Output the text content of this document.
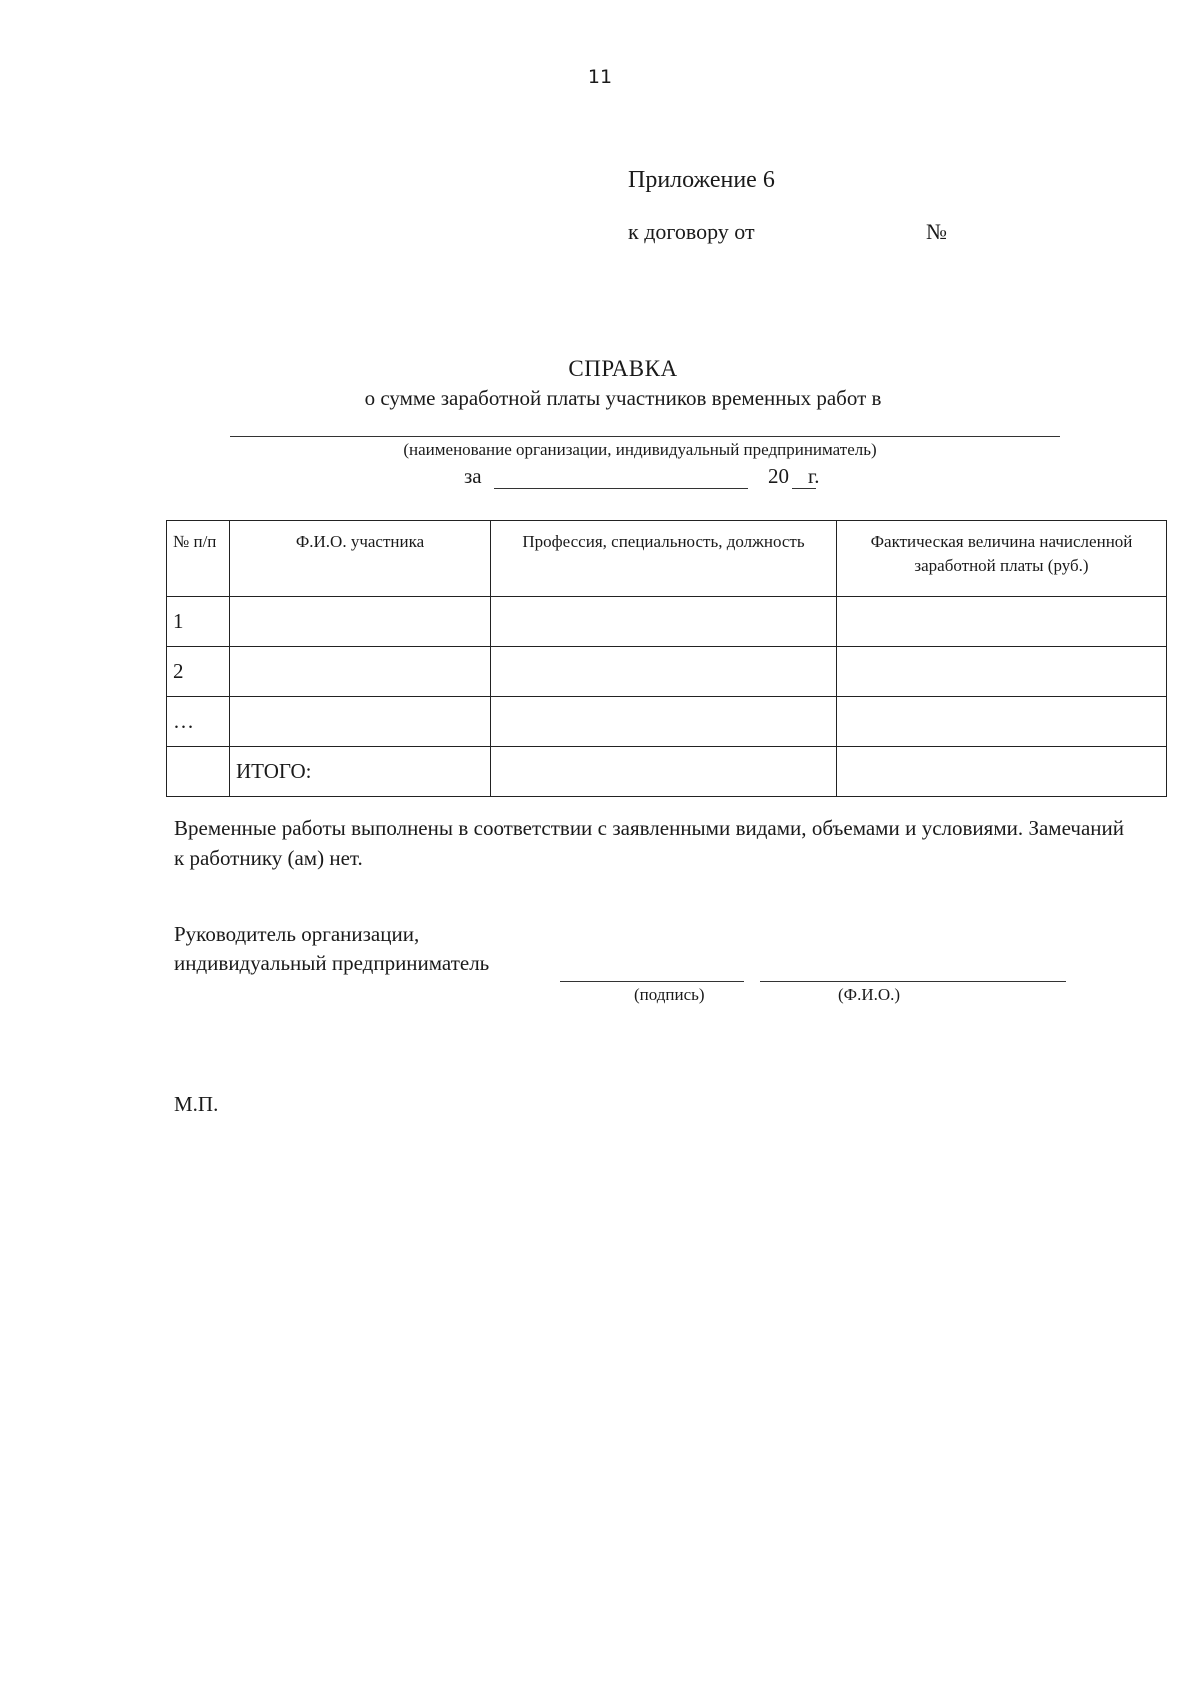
11
Приложение 6
к договору от	№
СПРАВКА
о сумме заработной платы участников временных работ в
(наименование организации, индивидуальный предприниматель)
за	20 г.
№ п/п	Ф.И.О. участника	Профессия, специальность, должность	Фактическая величина начисленной заработной платы (руб.)
1			
2			
…			
	ИТОГО:		
Временные работы выполнены в соответствии с заявленными видами, объемами и условиями. Замечаний к работнику (ам) нет.
Руководитель организации,
индивидуальный предприниматель
(подпись)	(Ф.И.О.)
М.П.
